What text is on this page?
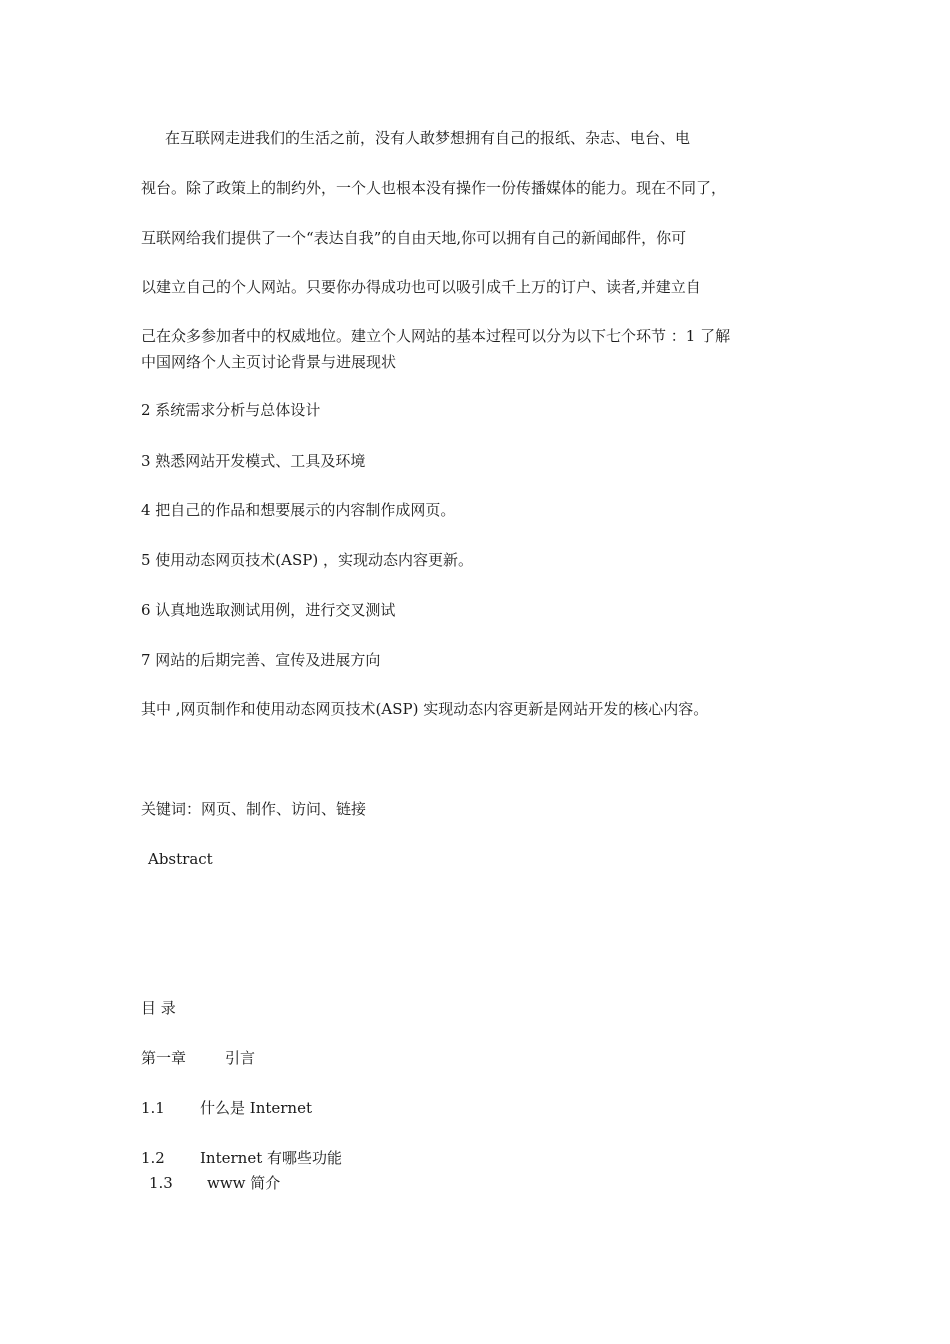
在互联网走进我们的生活之前，没有人敢梦想拥有自己的报纸、杂志、电台、电
视台。除了政策上的制约外，一个人也根本没有操作一份传播媒体的能力。现在不同了，
互联网给我们提供了一个“表达自我”的自由天地,你可以拥有自己的新闻邮件，你可
以建立自己的个人网站。只要你办得成功也可以吸引成千上万的订户、读者,并建立自
己在众多参加者中的权威地位。建立个人网站的基本过程可以分为以下七个环节 ：1 了解
中国网络个人主页讨论背景与进展现状
2 系统需求分析与总体设计
3 熟悉网站开发模式、工具及环境
4 把自己的作品和想要展示的内容制作成网页。
5 使用动态网页技术(ASP) ，实现动态内容更新。
6 认真地选取测试用例，进行交叉测试
7 网站的后期完善、宣传及进展方向
其中 ,网页制作和使用动态网页技术(ASP) 实现动态内容更新是网站开发的核心内容。
关键词：网页、制作、访问、链接
Abstract
目 录
第一章	引言
1.1 什么是 Internet
1.2 Internet 有哪些功能
1.3 www 简介
